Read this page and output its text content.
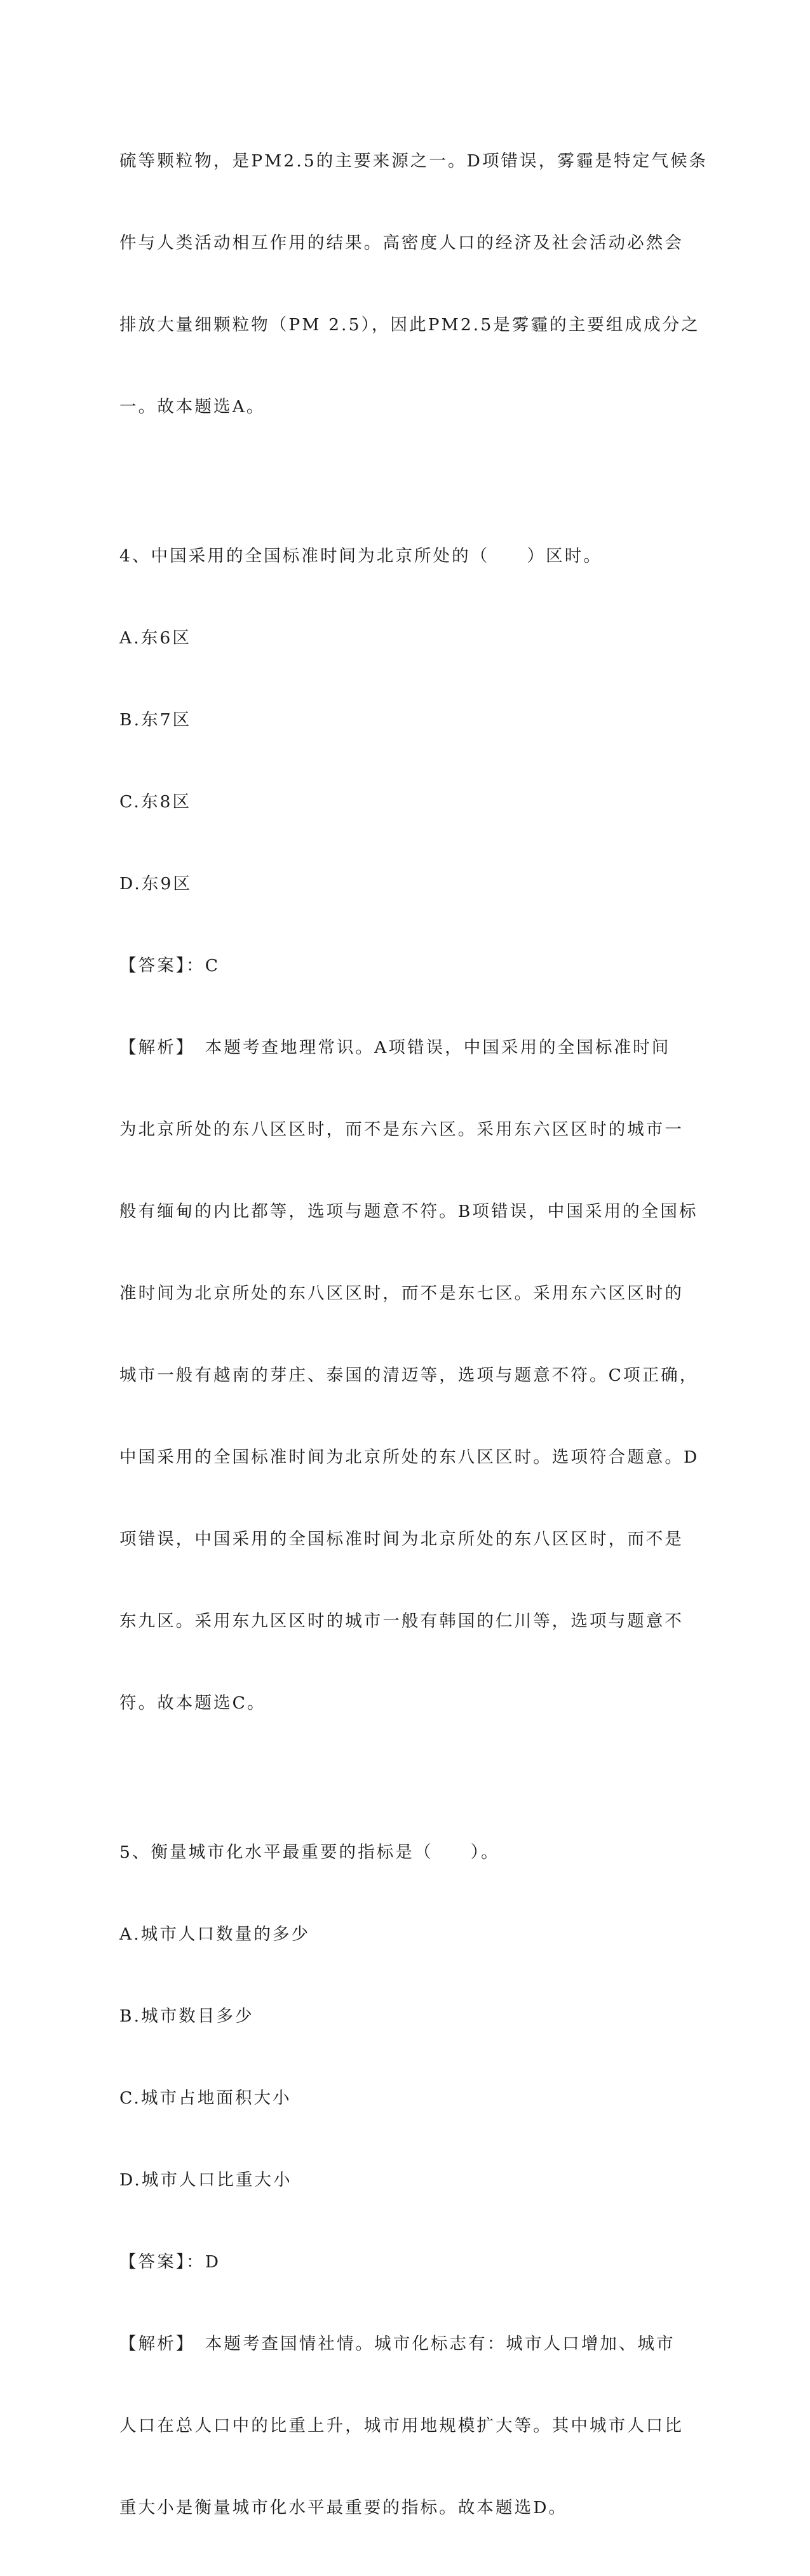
硫等颗粒物，是PM2.5的主要来源之一。D项错误，雾霾是特定气候条

件与人类活动相互作用的结果。高密度人口的经济及社会活动必然会

排放大量细颗粒物（PM 2.5），因此PM2.5是雾霾的主要组成成分之

一。故本题选A。

4、中国采用的全国标准时间为北京所处的（　　）区时。

A.东6区

B.东7区

C.东8区

D.东9区

【答案】：C

【解析】　本题考查地理常识。A项错误，中国采用的全国标准时间

为北京所处的东八区区时，而不是东六区。采用东六区区时的城市一

般有缅甸的内比都等，选项与题意不符。B项错误，中国采用的全国标

准时间为北京所处的东八区区时，而不是东七区。采用东六区区时的

城市一般有越南的芽庄、泰国的清迈等，选项与题意不符。C项正确，

中国采用的全国标准时间为北京所处的东八区区时。选项符合题意。D

项错误，中国采用的全国标准时间为北京所处的东八区区时，而不是

东九区。采用东九区区时的城市一般有韩国的仁川等，选项与题意不

符。故本题选C。

5、衡量城市化水平最重要的指标是（　　）。

A.城市人口数量的多少

B.城市数目多少

C.城市占地面积大小

D.城市人口比重大小

【答案】：D

【解析】　本题考查国情社情。城市化标志有：城市人口增加、城市

人口在总人口中的比重上升，城市用地规模扩大等。其中城市人口比

重大小是衡量城市化水平最重要的指标。故本题选D。
